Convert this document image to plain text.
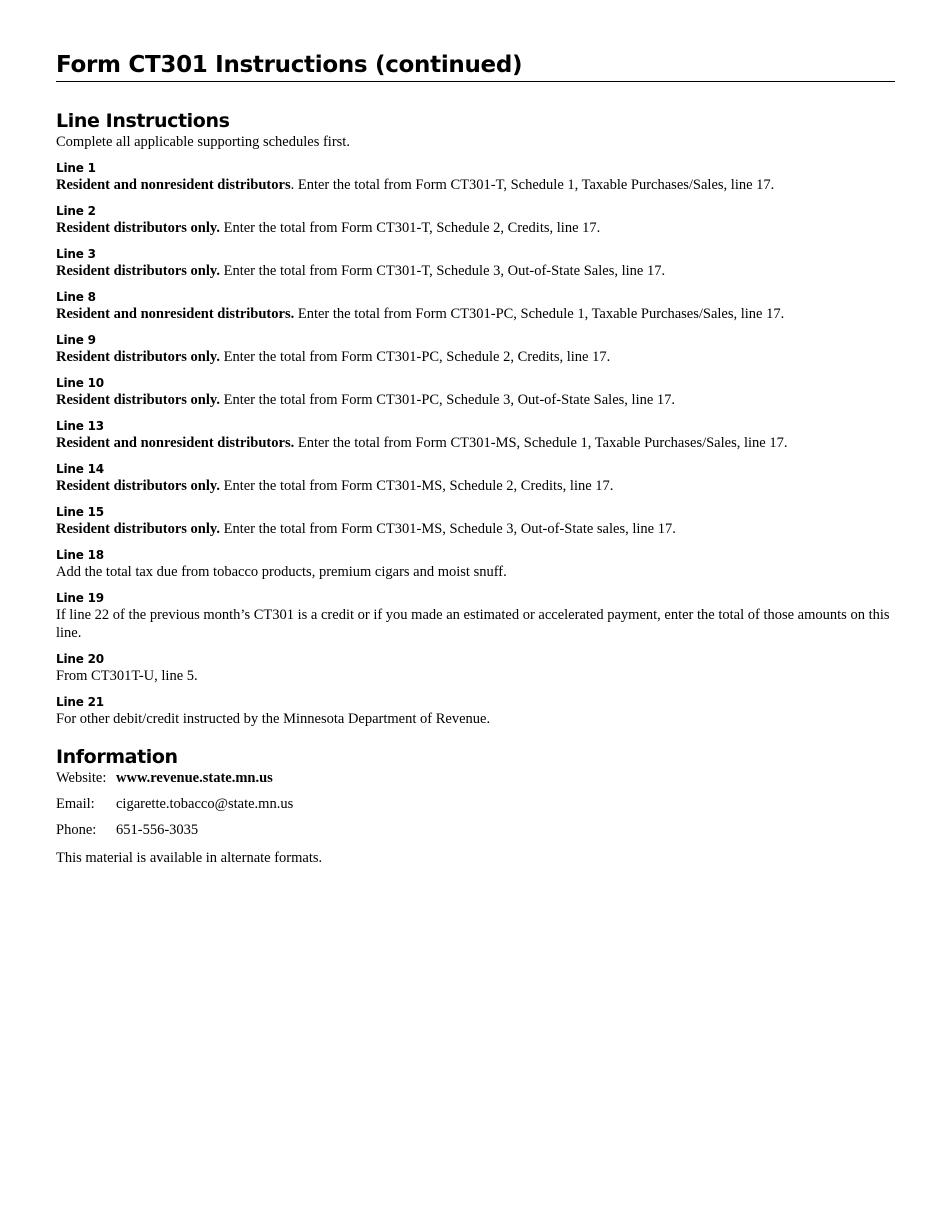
Form CT301 Instructions (continued)
Line Instructions
Complete all applicable supporting schedules first.
Line 1
Resident and nonresident distributors. Enter the total from Form CT301-T, Schedule 1, Taxable Purchases/Sales, line 17.
Line 2
Resident distributors only. Enter the total from Form CT301-T, Schedule 2, Credits, line 17.
Line 3
Resident distributors only. Enter the total from Form CT301-T, Schedule 3, Out-of-State Sales, line 17.
Line 8
Resident and nonresident distributors. Enter the total from Form CT301-PC, Schedule 1, Taxable Purchases/Sales, line 17.
Line 9
Resident distributors only. Enter the total from Form CT301-PC, Schedule 2, Credits, line 17.
Line 10
Resident distributors only. Enter the total from Form CT301-PC, Schedule 3, Out-of-State Sales, line 17.
Line 13
Resident and nonresident distributors. Enter the total from Form CT301-MS, Schedule 1, Taxable Purchases/Sales, line 17.
Line 14
Resident distributors only. Enter the total from Form CT301-MS, Schedule 2, Credits, line 17.
Line 15
Resident distributors only. Enter the total from Form CT301-MS, Schedule 3, Out-of-State sales, line 17.
Line 18
Add the total tax due from tobacco products, premium cigars and moist snuff.
Line 19
If line 22 of the previous month’s CT301 is a credit or if you made an estimated or accelerated payment, enter the total of those amounts on this line.
Line 20
From CT301T-U, line 5.
Line 21
For other debit/credit instructed by the Minnesota Department of Revenue.
Information
Website: www.revenue.state.mn.us
Email:	cigarette.tobacco@state.mn.us
Phone:	651-556-3035
This material is available in alternate formats.
